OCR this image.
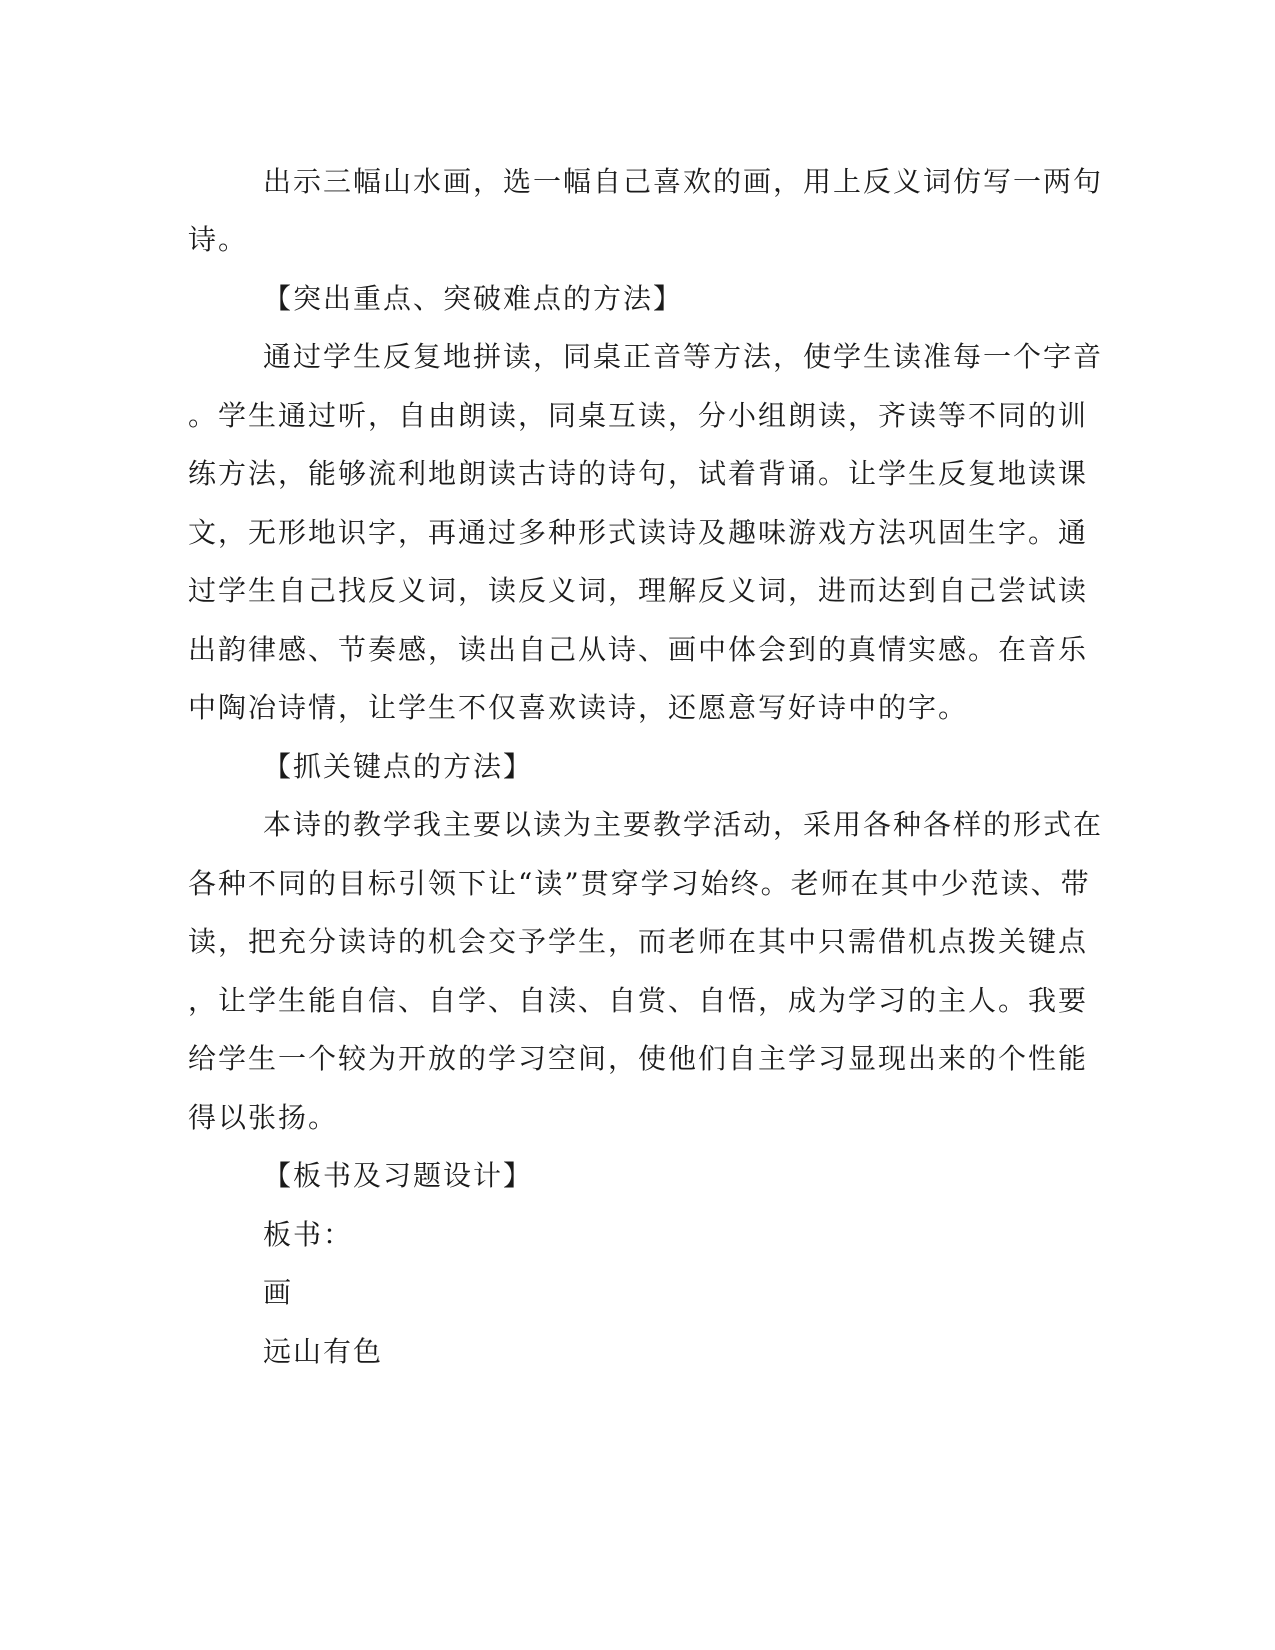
出示三幅山水画，选一幅自己喜欢的画，用上反义词仿写一两句
诗。
【突出重点、突破难点的方法】
通过学生反复地拼读，同桌正音等方法，使学生读准每一个字音
。学生通过听，自由朗读，同桌互读，分小组朗读，齐读等不同的训
练方法，能够流利地朗读古诗的诗句，试着背诵。让学生反复地读课
文，无形地识字，再通过多种形式读诗及趣味游戏方法巩固生字。通
过学生自己找反义词，读反义词，理解反义词，进而达到自己尝试读
出韵律感、节奏感，读出自己从诗、画中体会到的真情实感。在音乐
中陶冶诗情，让学生不仅喜欢读诗，还愿意写好诗中的字。
【抓关键点的方法】
本诗的教学我主要以读为主要教学活动，采用各种各样的形式在
各种不同的目标引领下让“读”贯穿学习始终。老师在其中少范读、带
读，把充分读诗的机会交予学生，而老师在其中只需借机点拨关键点
，让学生能自信、自学、自渎、自赏、自悟，成为学习的主人。我要
给学生一个较为开放的学习空间，使他们自主学习显现出来的个性能
得以张扬。
【板书及习题设计】
板书：
画
远山有色
